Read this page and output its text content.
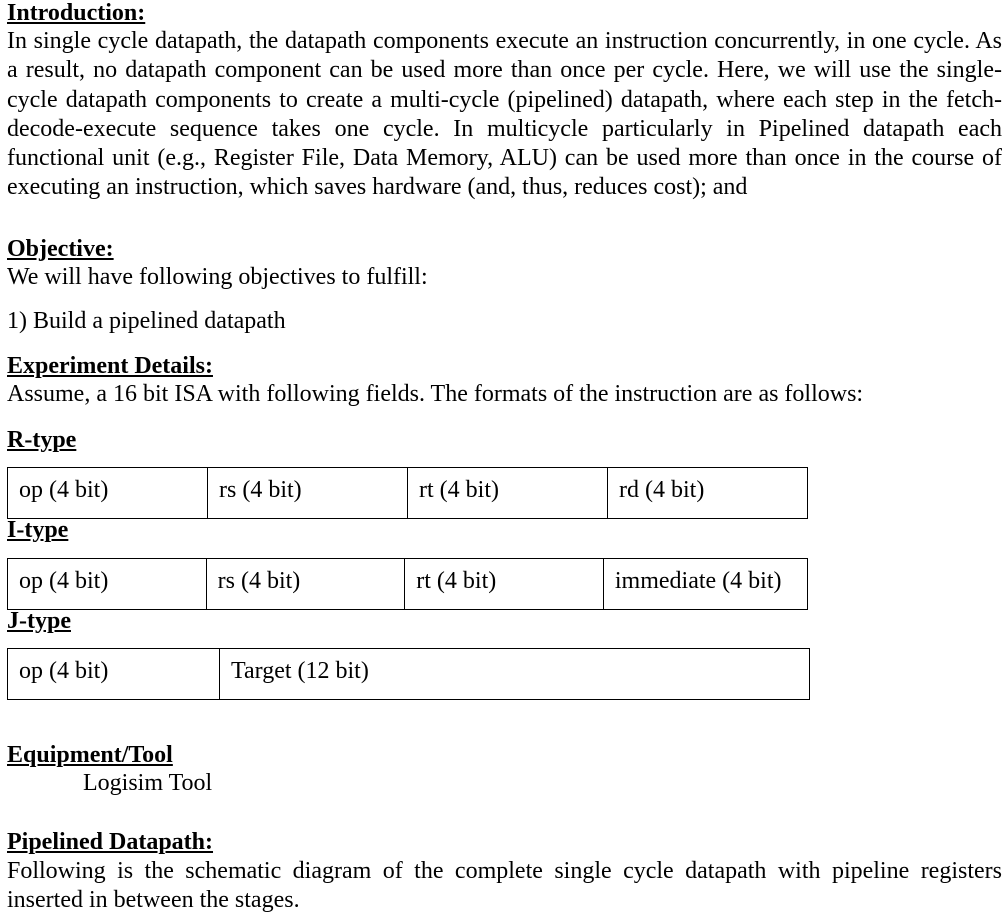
Introduction:

In single cycle datapath, the datapath components execute an instruction concurrently, in one cycle. As a result, no datapath component can be used more than once per cycle. Here, we will use the single-cycle datapath components to create a multi-cycle (pipelined) datapath, where each step in the fetch-decode-execute sequence takes one cycle. In multicycle particularly in Pipelined datapath each functional unit (e.g., Register File, Data Memory, ALU) can be used more than once in the course of executing an instruction, which saves hardware (and, thus, reduces cost); and

Objective:

We will have following objectives to fulfill:

1) Build a pipelined datapath

Experiment Details:

Assume, a 16 bit ISA with following fields. The formats of the instruction are as follows:

R-type

op (4 bit)	rs (4 bit)	rt (4 bit)	rd (4 bit)

I-type

op (4 bit)	rs (4 bit)	rt (4 bit)	immediate (4 bit)

J-type

op (4 bit)	Target (12 bit)

Equipment/Tool

Logisim Tool

Pipelined Datapath:

Following is the schematic diagram of the complete single cycle datapath with pipeline registers inserted in between the stages.
